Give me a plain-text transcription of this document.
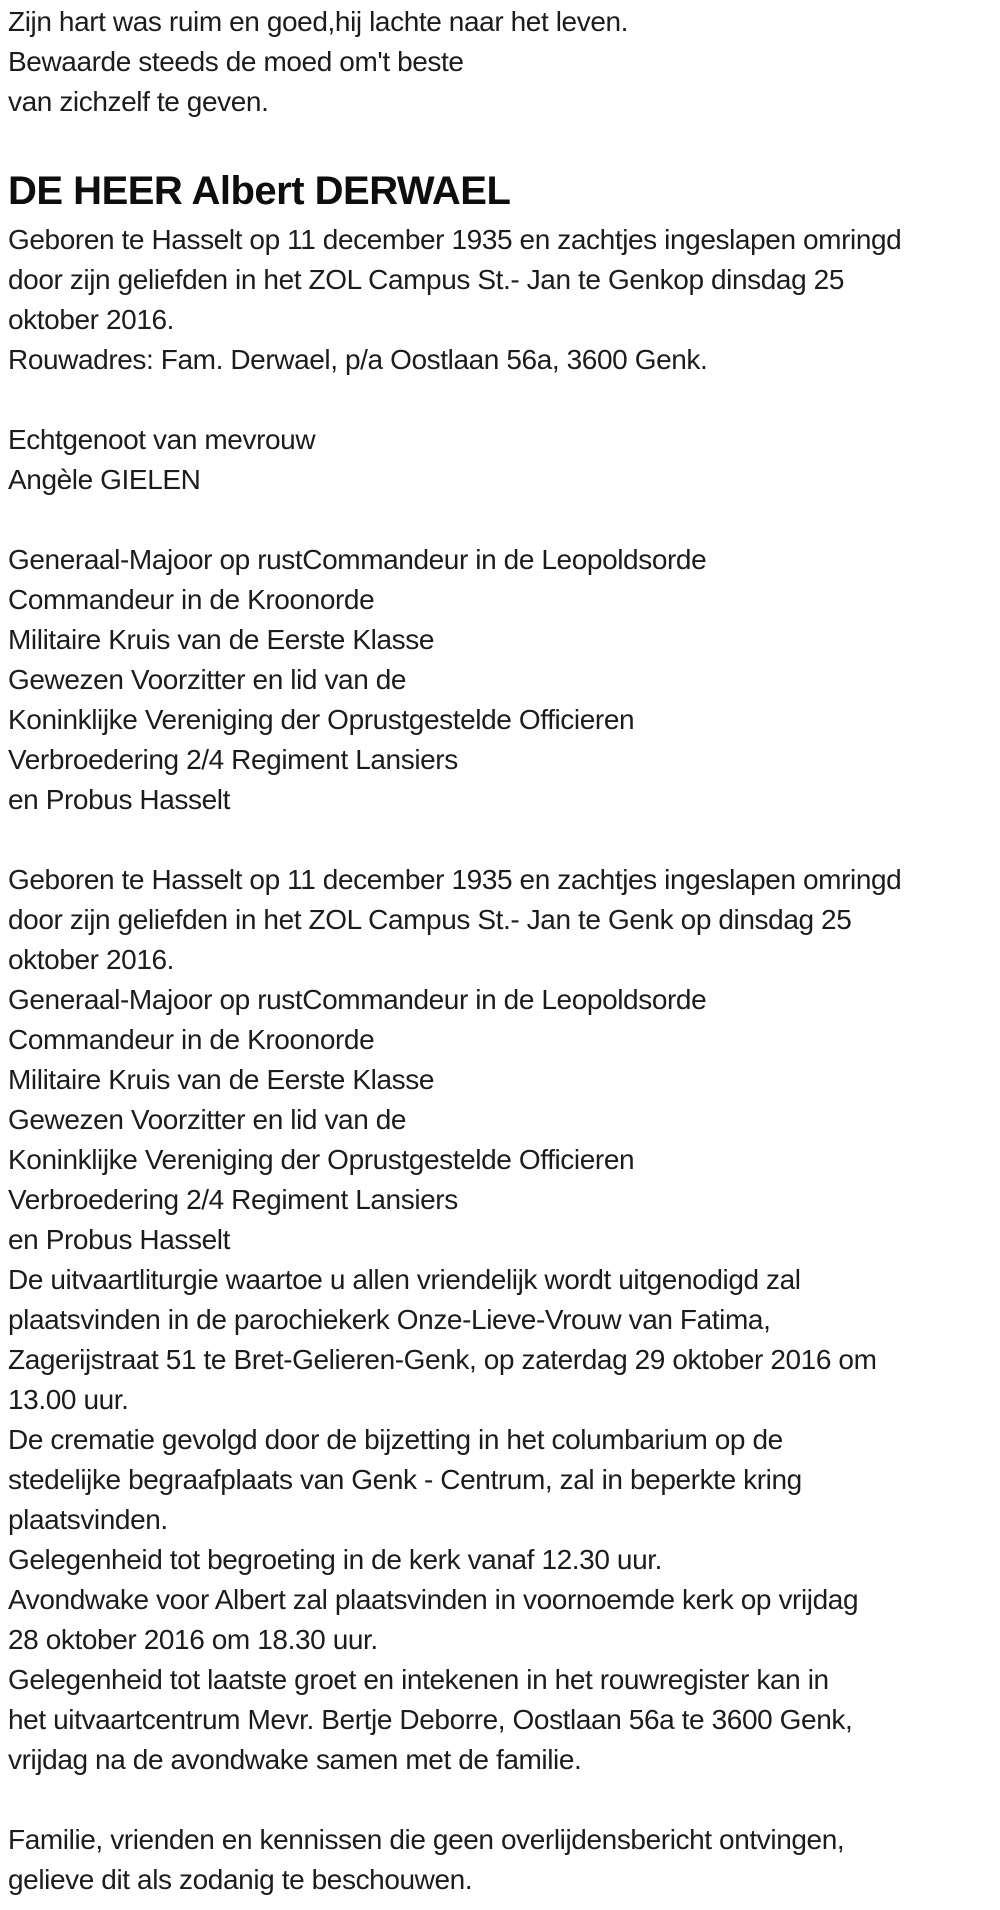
Zijn hart was ruim en goed,hij lachte naar het leven.
Bewaarde steeds de moed om't beste
van zichzelf te geven.
DE HEER Albert DERWAEL
Geboren te Hasselt op 11 december 1935 en zachtjes ingeslapen omringd
door zijn geliefden in het ZOL Campus St.- Jan te Genkop dinsdag 25
oktober 2016.
Rouwadres: Fam. Derwael, p/a Oostlaan 56a, 3600 Genk.
Echtgenoot van mevrouw
Angèle GIELEN
Generaal-Majoor op rustCommandeur in de Leopoldsorde
Commandeur in de Kroonorde
Militaire Kruis van de Eerste Klasse
Gewezen Voorzitter en lid van de
Koninklijke Vereniging der Oprustgestelde Officieren
Verbroedering 2/4 Regiment Lansiers
en Probus Hasselt
Geboren te Hasselt op 11 december 1935 en zachtjes ingeslapen omringd
door zijn geliefden in het ZOL Campus St.- Jan te Genk op dinsdag 25
oktober 2016.
Generaal-Majoor op rustCommandeur in de Leopoldsorde
Commandeur in de Kroonorde
Militaire Kruis van de Eerste Klasse
Gewezen Voorzitter en lid van de
Koninklijke Vereniging der Oprustgestelde Officieren
Verbroedering 2/4 Regiment Lansiers
en Probus Hasselt
De uitvaartliturgie waartoe u allen vriendelijk wordt uitgenodigd zal
plaatsvinden in de parochiekerk Onze-Lieve-Vrouw van Fatima,
Zagerijstraat 51 te Bret-Gelieren-Genk, op zaterdag 29 oktober 2016 om
13.00 uur.
De crematie gevolgd door de bijzetting in het columbarium op de
stedelijke begraafplaats van Genk - Centrum, zal in beperkte kring
plaatsvinden.
Gelegenheid tot begroeting in de kerk vanaf 12.30 uur.
Avondwake voor Albert zal plaatsvinden in voornoemde kerk op vrijdag
28 oktober 2016 om 18.30 uur.
Gelegenheid tot laatste groet en intekenen in het rouwregister kan in
het uitvaartcentrum Mevr. Bertje Deborre, Oostlaan 56a te 3600 Genk,
vrijdag na de avondwake samen met de familie.
Familie, vrienden en kennissen die geen overlijdensbericht ontvingen,
gelieve dit als zodanig te beschouwen.
